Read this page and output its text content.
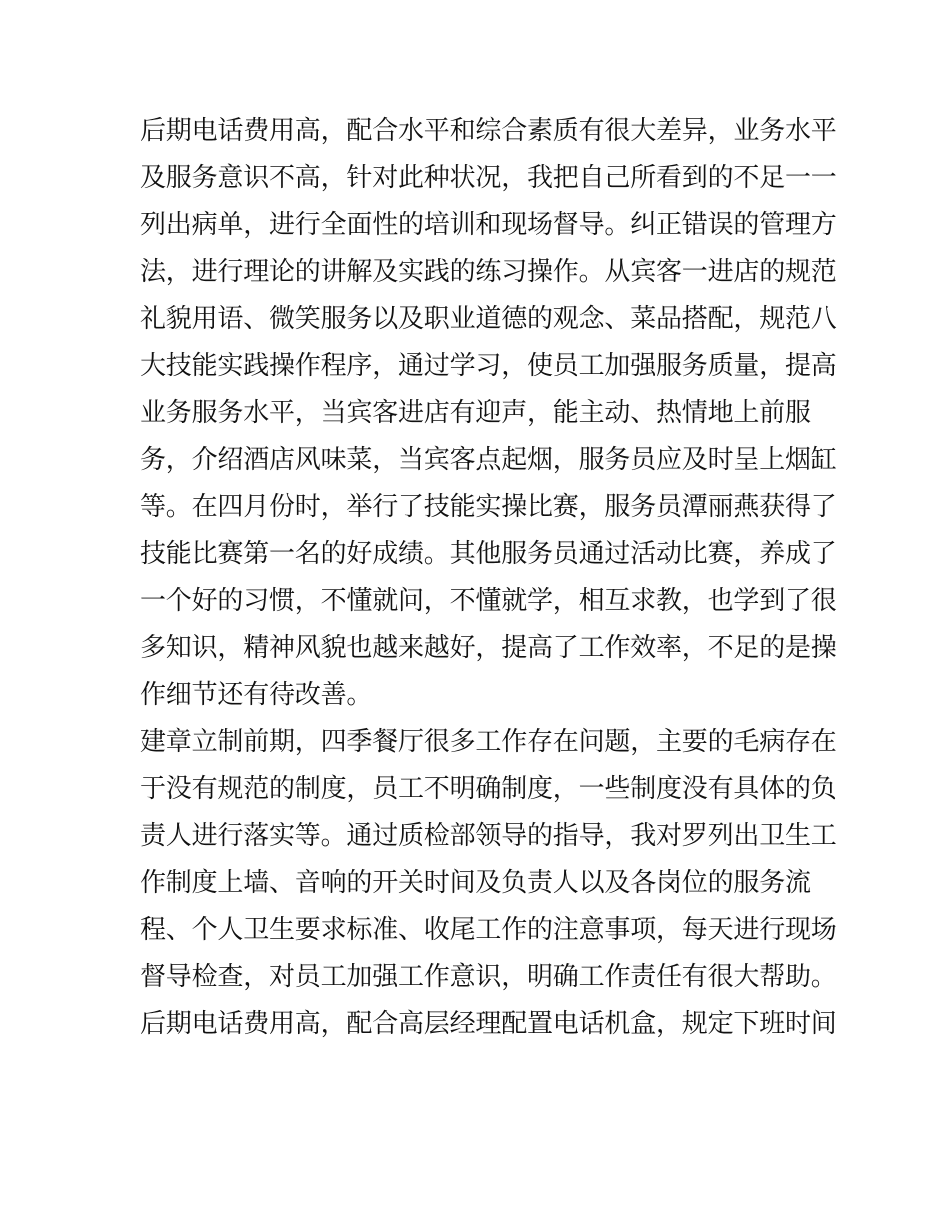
后期电话费用高，配合水平和综合素质有很大差异，业务水平
及服务意识不高，针对此种状况，我把自己所看到的不足一一
列出病单，进行全面性的培训和现场督导。纠正错误的管理方
法，进行理论的讲解及实践的练习操作。从宾客一进店的规范
礼貌用语、微笑服务以及职业道德的观念、菜品搭配，规范八
大技能实践操作程序，通过学习，使员工加强服务质量，提高
业务服务水平，当宾客进店有迎声，能主动、热情地上前服
务，介绍酒店风味菜，当宾客点起烟，服务员应及时呈上烟缸
等。在四月份时，举行了技能实操比赛，服务员潭丽燕获得了
技能比赛第一名的好成绩。其他服务员通过活动比赛，养成了
一个好的习惯，不懂就问，不懂就学，相互求教，也学到了很
多知识，精神风貌也越来越好，提高了工作效率，不足的是操
作细节还有待改善。
建章立制前期，四季餐厅很多工作存在问题，主要的毛病存在
于没有规范的制度，员工不明确制度，一些制度没有具体的负
责人进行落实等。通过质检部领导的指导，我对罗列出卫生工
作制度上墙、音响的开关时间及负责人以及各岗位的服务流
程、个人卫生要求标准、收尾工作的注意事项，每天进行现场
督导检查，对员工加强工作意识，明确工作责任有很大帮助。
后期电话费用高，配合高层经理配置电话机盒，规定下班时间
